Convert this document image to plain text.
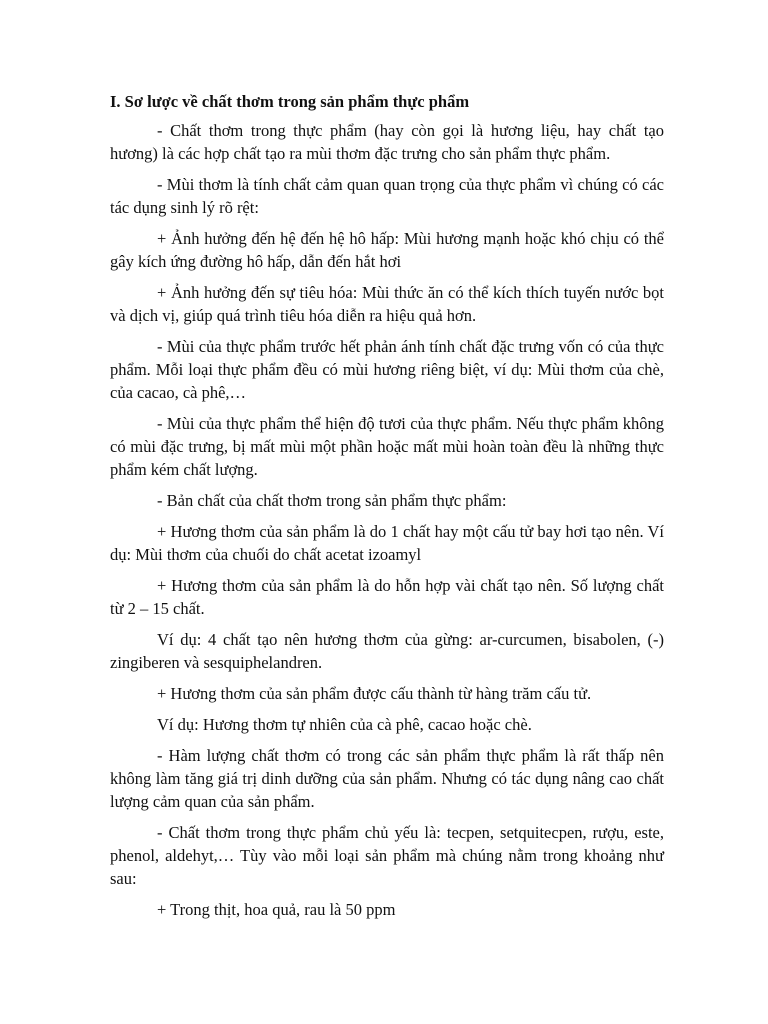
I. Sơ lược về chất thơm trong sản phẩm thực phẩm

- Chất thơm trong thực phẩm (hay còn gọi là hương liệu, hay chất tạo hương) là các hợp chất tạo ra mùi thơm đặc trưng cho sản phẩm thực phẩm.

- Mùi thơm là tính chất cảm quan quan trọng của thực phẩm vì chúng có các tác dụng sinh lý rõ rệt:

+ Ảnh hưởng đến hệ đến hệ hô hấp: Mùi hương mạnh hoặc khó chịu có thể gây kích ứng đường hô hấp, dẫn đến hắt hơi

+ Ảnh hưởng đến sự tiêu hóa: Mùi thức ăn có thể kích thích tuyến nước bọt và dịch vị, giúp quá trình tiêu hóa diễn ra hiệu quả hơn.

- Mùi của thực phẩm trước hết phản ánh tính chất đặc trưng vốn có của thực phẩm. Mỗi loại thực phẩm đều có mùi hương riêng biệt, ví dụ: Mùi thơm của chè, của cacao, cà phê,…

- Mùi của thực phẩm thể hiện độ tươi của thực phẩm. Nếu thực phẩm không có mùi đặc trưng, bị mất mùi một phần hoặc mất mùi hoàn toàn đều là những thực phẩm kém chất lượng.

- Bản chất của chất thơm trong sản phẩm thực phẩm:

+ Hương thơm của sản phẩm là do 1 chất hay một cấu tử bay hơi tạo nên. Ví dụ: Mùi thơm của chuối do chất acetat izoamyl

+ Hương thơm của sản phẩm là do hỗn hợp vài chất tạo nên. Số lượng chất từ 2 – 15 chất.

Ví dụ: 4 chất tạo nên hương thơm của gừng: ar-curcumen, bisabolen, (-) zingiberen và sesquiphelandren.

+ Hương thơm của sản phẩm được cấu thành từ hàng trăm cấu tử.

Ví dụ: Hương thơm tự nhiên của cà phê, cacao hoặc chè.

- Hàm lượng chất thơm có trong các sản phẩm thực phẩm là rất thấp nên không làm tăng giá trị dinh dưỡng của sản phẩm. Nhưng có tác dụng nâng cao chất lượng cảm quan của sản phẩm.

- Chất thơm trong thực phẩm chủ yếu là: tecpen, setquitecpen, rượu, este, phenol, aldehyt,… Tùy vào mỗi loại sản phẩm mà chúng nằm trong khoảng như sau:

+ Trong thịt, hoa quả, rau là 50 ppm
